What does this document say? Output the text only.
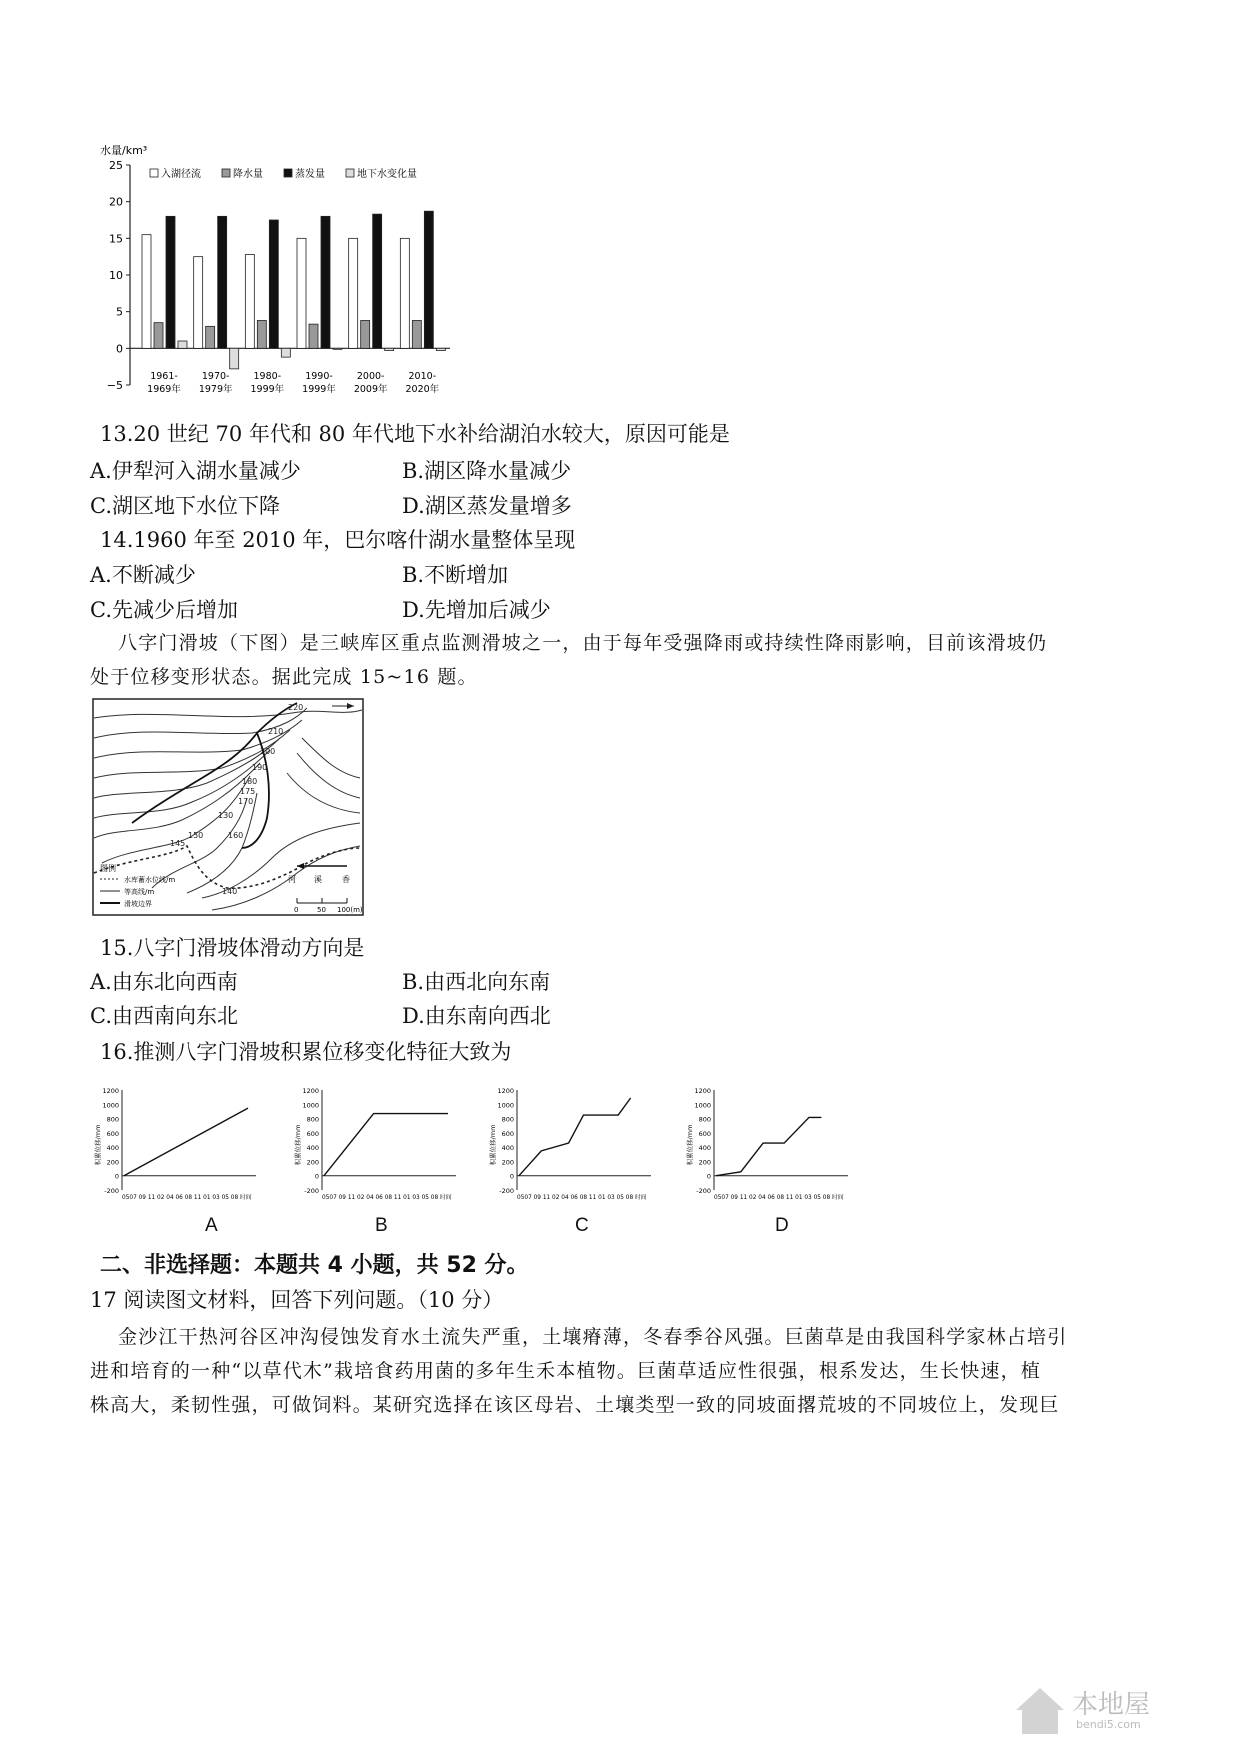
水量/km³
25
20
15
10
5
0
−5
1961-
1969年
1970-
1979年
1980-
1999年
1990-
1999年
2000-
2009年
2010-
2020年
入湖径流	降水量	蒸发量	地下水变化量
13.20 世纪 70 年代和 80 年代地下水补给湖泊水较大，原因可能是
A.伊犁河入湖水量减少	B.湖区降水量减少
C.湖区地下水位下降	D.湖区蒸发量增多
14.1960 年至 2010 年，巴尔喀什湖水量整体呈现
A.不断减少	B.不断增加
C.先减少后增加	D.先增加后减少
八字门滑坡（下图）是三峡库区重点监测滑坡之一，由于每年受强降雨或持续性降雨影响，目前该滑坡仍
处于位移变形状态。据此完成 15~16 题。
220
210
200
190
180
175
170
160
150
145
140
130
图例
水库蓄水位线/m
等高线/m
滑坡边界
河 溪	香
0	50 100(m)
15.八字门滑坡体滑动方向是
A.由东北向西南	B.由西北向东南
C.由西南向东北	D.由东南向西北
16.推测八字门滑坡积累位移变化特征大致为
1200
1000
800
600
400
200
0
-200
积累位移/mm
0507 09 11 02 04 06 08 11 01 03 05 08 时间
1200
1000
800
600
400
200
0
-200
积累位移/mm
0507 09 11 02 04 06 08 11 01 03 05 08 时间
1200
1000
800
600
400
200
0
-200
积累位移/mm
0507 09 11 02 04 06 08 11 01 03 05 08 时间
1200
1000
800
600
400
200
0
-200
积累位移/mm
0507 09 11 02 04 06 08 11 01 03 05 08 时间
A	B	C	D
二、非选择题：本题共 4 小题，共 52 分。
17 阅读图文材料，回答下列问题。（10 分）
金沙江干热河谷区冲沟侵蚀发育水土流失严重，土壤瘠薄，冬春季谷风强。巨菌草是由我国科学家林占培引
进和培育的一种“以草代木”栽培食药用菌的多年生禾本植物。巨菌草适应性很强，根系发达，生长快速，植
株高大，柔韧性强，可做饲料。某研究选择在该区母岩、土壤类型一致的同坡面撂荒坡的不同坡位上，发现巨
本地屋
bendi5.com
